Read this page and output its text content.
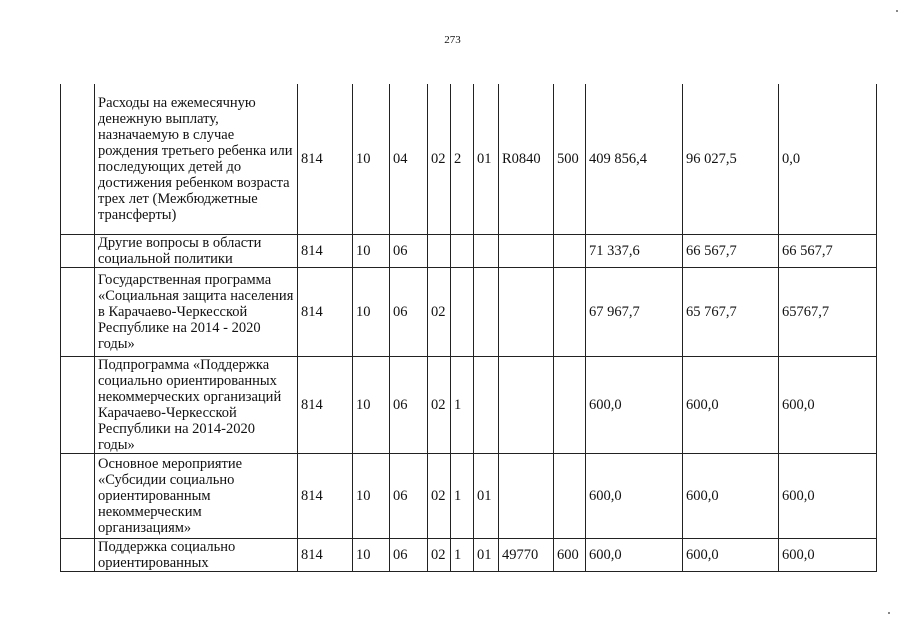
273
	Расходы на ежемесячную денежную выплату, назначаемую в случае рождения третьего ребенка или последующих детей до достижения ребенком возраста трех лет (Межбюджетные трансферты)	814	10	04	02	2	01	R0840	500	409 856,4	96 027,5	0,0
	Другие вопросы в области социальной политики	814	10	06						71 337,6	66 567,7	66 567,7
	Государственная программа «Социальная защита населения в Карачаево-Черкесской Республике на 2014 - 2020 годы»	814	10	06	02					67 967,7	65 767,7	65767,7
	Подпрограмма «Поддержка социально ориентированных некоммерческих организаций Карачаево-Черкесской Республики на 2014-2020 годы»	814	10	06	02	1				600,0	600,0	600,0
	Основное мероприятие «Субсидии социально ориентированным некоммерческим организациям»	814	10	06	02	1	01			600,0	600,0	600,0
	Поддержка социально ориентированных	814	10	06	02	1	01	49770	600	600,0	600,0	600,0
